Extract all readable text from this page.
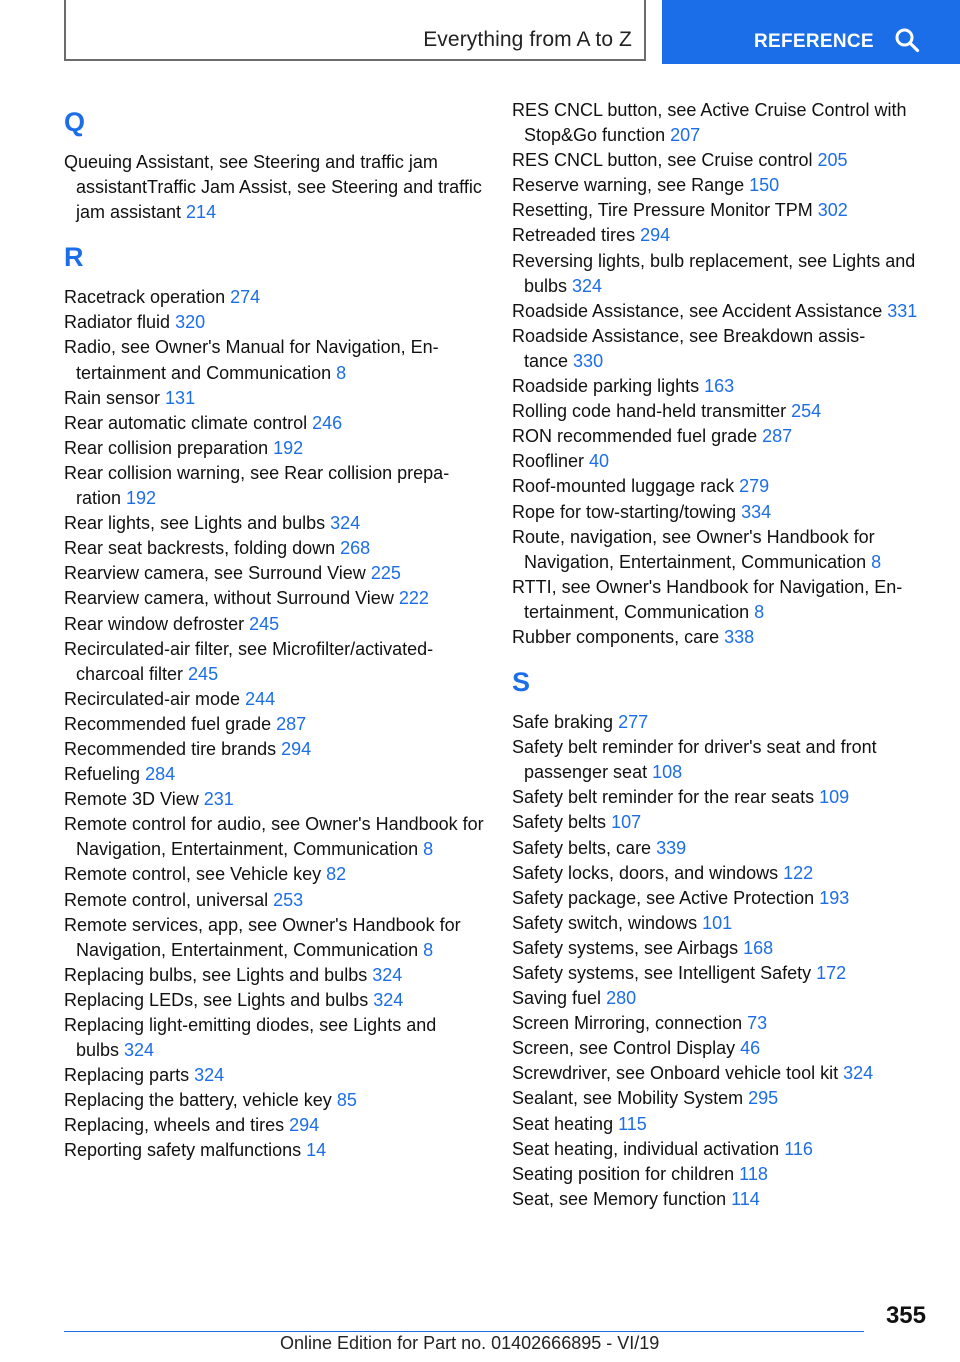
Everything from A to Z	REFERENCE
Q
Queuing Assistant, see Steering and traffic jam assistantTraffic Jam Assist, see Steering and traffic jam assistant 214
R
Racetrack operation 274
Radiator fluid 320
Radio, see Owner's Manual for Navigation, Entertainment and Communication 8
Rain sensor 131
Rear automatic climate control 246
Rear collision preparation 192
Rear collision warning, see Rear collision preparation 192
Rear lights, see Lights and bulbs 324
Rear seat backrests, folding down 268
Rearview camera, see Surround View 225
Rearview camera, without Surround View 222
Rear window defroster 245
Recirculated-air filter, see Microfilter/activated-charcoal filter 245
Recirculated-air mode 244
Recommended fuel grade 287
Recommended tire brands 294
Refueling 284
Remote 3D View 231
Remote control for audio, see Owner's Handbook for Navigation, Entertainment, Communication 8
Remote control, see Vehicle key 82
Remote control, universal 253
Remote services, app, see Owner's Handbook for Navigation, Entertainment, Communication 8
Replacing bulbs, see Lights and bulbs 324
Replacing LEDs, see Lights and bulbs 324
Replacing light-emitting diodes, see Lights and bulbs 324
Replacing parts 324
Replacing the battery, vehicle key 85
Replacing, wheels and tires 294
Reporting safety malfunctions 14
RES CNCL button, see Active Cruise Control with Stop&Go function 207
RES CNCL button, see Cruise control 205
Reserve warning, see Range 150
Resetting, Tire Pressure Monitor TPM 302
Retreaded tires 294
Reversing lights, bulb replacement, see Lights and bulbs 324
Roadside Assistance, see Accident Assistance 331
Roadside Assistance, see Breakdown assistance 330
Roadside parking lights 163
Rolling code hand-held transmitter 254
RON recommended fuel grade 287
Roofliner 40
Roof-mounted luggage rack 279
Rope for tow-starting/towing 334
Route, navigation, see Owner's Handbook for Navigation, Entertainment, Communication 8
RTTI, see Owner's Handbook for Navigation, Entertainment, Communication 8
Rubber components, care 338
S
Safe braking 277
Safety belt reminder for driver's seat and front passenger seat 108
Safety belt reminder for the rear seats 109
Safety belts 107
Safety belts, care 339
Safety locks, doors, and windows 122
Safety package, see Active Protection 193
Safety switch, windows 101
Safety systems, see Airbags 168
Safety systems, see Intelligent Safety 172
Saving fuel 280
Screen Mirroring, connection 73
Screen, see Control Display 46
Screwdriver, see Onboard vehicle tool kit 324
Sealant, see Mobility System 295
Seat heating 115
Seat heating, individual activation 116
Seating position for children 118
Seat, see Memory function 114
355
Online Edition for Part no. 01402666895 - VI/19
